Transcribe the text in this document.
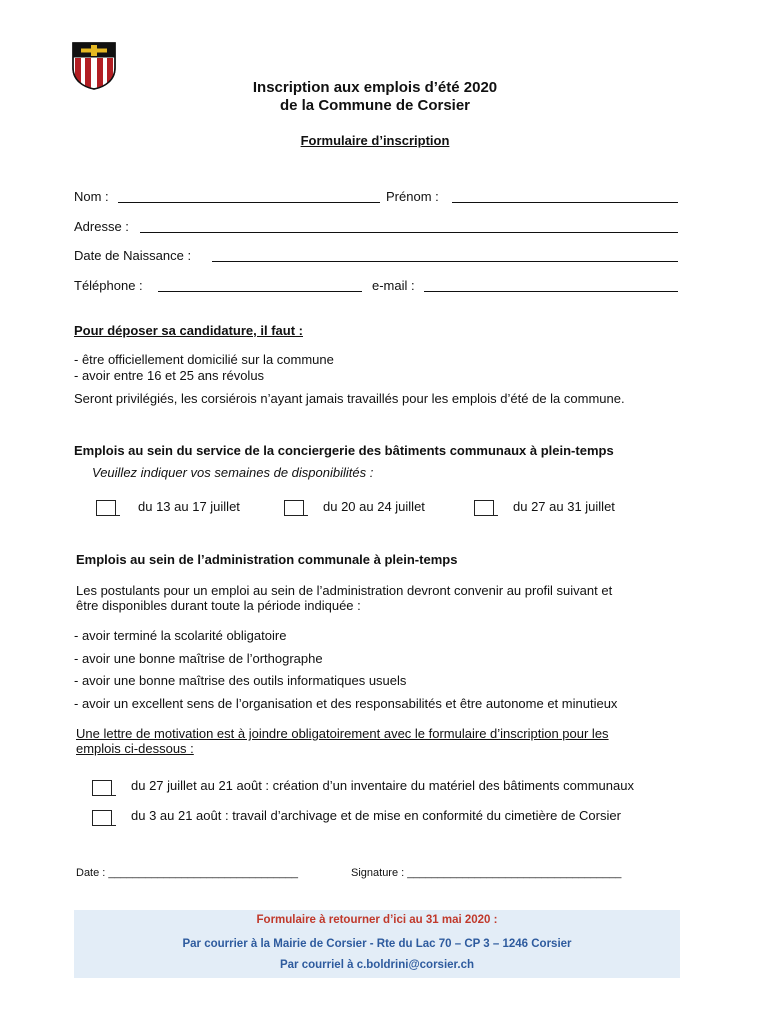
Inscription aux emplois d’été 2020
de la Commune de Corsier
Formulaire d’inscription
Nom :	Prénom :
Adresse :
Date de Naissance :
Téléphone :	e-mail :
Pour déposer sa candidature, il faut :
- être officiellement domicilié sur la commune
- avoir entre 16 et 25 ans révolus
Seront privilégiés, les corsiérois n’ayant jamais travaillés pour les emplois d’été de la commune.
Emplois au sein du service de la conciergerie des bâtiments communaux à plein-temps
Veuillez indiquer vos semaines de disponibilités :
du 13 au 17 juillet	du 20 au 24 juillet	du 27 au 31 juillet
Emplois au sein de l’administration communale à plein-temps
Les postulants pour un emploi au sein de l’administration devront convenir au profil suivant et
être disponibles durant toute la période indiquée :
- avoir terminé la scolarité obligatoire
- avoir une bonne maîtrise de l’orthographe
- avoir une bonne maîtrise des outils informatiques usuels
- avoir un excellent sens de l’organisation et des responsabilités et être autonome et minutieux
Une lettre de motivation est à joindre obligatoirement avec le formulaire d’inscription pour les
emplois ci-dessous :
du 27 juillet au 21 août : création d’un inventaire du matériel des bâtiments communaux
du 3 au 21 août : travail d’archivage et de mise en conformité du cimetière de Corsier
Date : _______________________________	Signature : ___________________________________
Formulaire à retourner d’ici au 31 mai 2020 :
Par courrier à la Mairie de Corsier - Rte du Lac 70 – CP 3 – 1246 Corsier
Par courriel à c.boldrini@corsier.ch
